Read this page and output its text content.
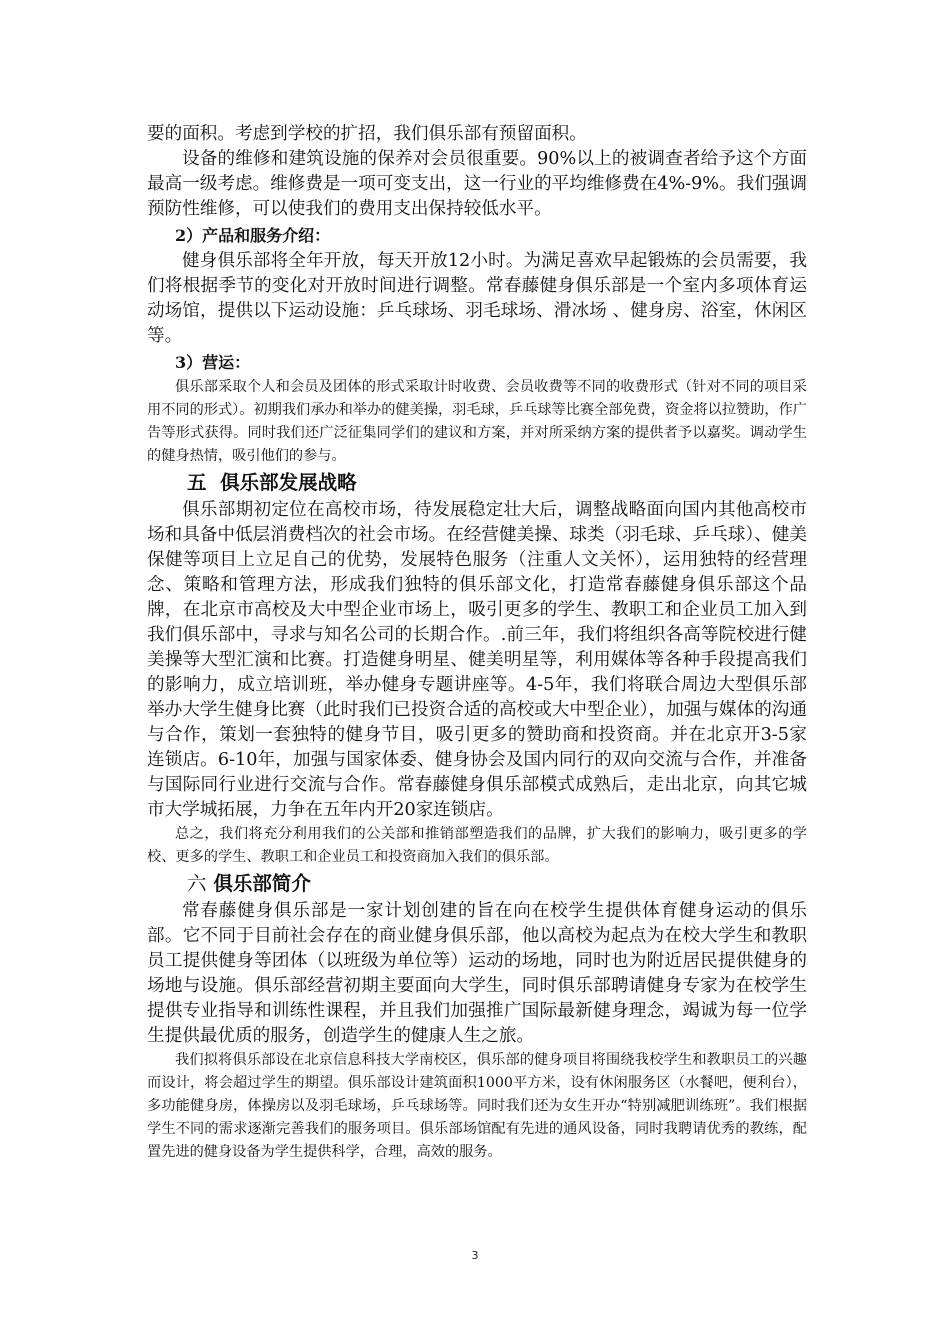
要的面积。考虑到学校的扩招，我们俱乐部有预留面积。

设备的维修和建筑设施的保养对会员很重要。90%以上的被调查者给予这个方面最高一级考虑。维修费是一项可变支出，这一行业的平均维修费在4%-9%。我们强调预防性维修，可以使我们的费用支出保持较低水平。

2）产品和服务介绍：

健身俱乐部将全年开放，每天开放12小时。为满足喜欢早起锻炼的会员需要，我们将根据季节的变化对开放时间进行调整。常春藤健身俱乐部是一个室内多项体育运动场馆，提供以下运动设施：乒乓球场、羽毛球场、滑冰场 、健身房、浴室，休闲区等。

3）营运：

俱乐部采取个人和会员及团体的形式采取计时收费、会员收费等不同的收费形式（针对不同的项目采用不同的形式）。初期我们承办和举办的健美操，羽毛球，乒乓球等比赛全部免费，资金将以拉赞助，作广告等形式获得。同时我们还广泛征集同学们的建议和方案，并对所采纳方案的提供者予以嘉奖。调动学生的健身热情，吸引他们的参与。

五 俱乐部发展战略

俱乐部期初定位在高校市场，待发展稳定壮大后，调整战略面向国内其他高校市场和具备中低层消费档次的社会市场。在经营健美操、球类（羽毛球、乒乓球）、健美保健等项目上立足自己的优势，发展特色服务（注重人文关怀），运用独特的经营理念、策略和管理方法，形成我们独特的俱乐部文化，打造常春藤健身俱乐部这个品牌，在北京市高校及大中型企业市场上，吸引更多的学生、教职工和企业员工加入到我们俱乐部中，寻求与知名公司的长期合作。.前三年，我们将组织各高等院校进行健美操等大型汇演和比赛。打造健身明星、健美明星等，利用媒体等各种手段提高我们的影响力，成立培训班，举办健身专题讲座等。4-5年，我们将联合周边大型俱乐部举办大学生健身比赛（此时我们已投资合适的高校或大中型企业），加强与媒体的沟通与合作，策划一套独特的健身节目，吸引更多的赞助商和投资商。并在北京开3-5家连锁店。6-10年，加强与国家体委、健身协会及国内同行的双向交流与合作，并准备与国际同行业进行交流与合作。常春藤健身俱乐部模式成熟后，走出北京，向其它城市大学城拓展，力争在五年内开20家连锁店。

总之，我们将充分利用我们的公关部和推销部塑造我们的品牌，扩大我们的影响力，吸引更多的学校、更多的学生、教职工和企业员工和投资商加入我们的俱乐部。

六 俱乐部简介

常春藤健身俱乐部是一家计划创建的旨在向在校学生提供体育健身运动的俱乐部。它不同于目前社会存在的商业健身俱乐部，他以高校为起点为在校大学生和教职员工提供健身等团体（以班级为单位等）运动的场地，同时也为附近居民提供健身的场地与设施。俱乐部经营初期主要面向大学生，同时俱乐部聘请健身专家为在校学生提供专业指导和训练性课程，并且我们加强推广国际最新健身理念，竭诚为每一位学生提供最优质的服务，创造学生的健康人生之旅。

我们拟将俱乐部设在北京信息科技大学南校区，俱乐部的健身项目将围绕我校学生和教职员工的兴趣而设计，将会超过学生的期望。俱乐部设计建筑面积1000平方米，设有休闲服务区（水餐吧，便利台），多功能健身房，体操房以及羽毛球场，乒乓球场等。同时我们还为女生开办“特别减肥训练班”。我们根据学生不同的需求逐渐完善我们的服务项目。俱乐部场馆配有先进的通风设备，同时我聘请优秀的教练，配置先进的健身设备为学生提供科学，合理，高效的服务。

3
